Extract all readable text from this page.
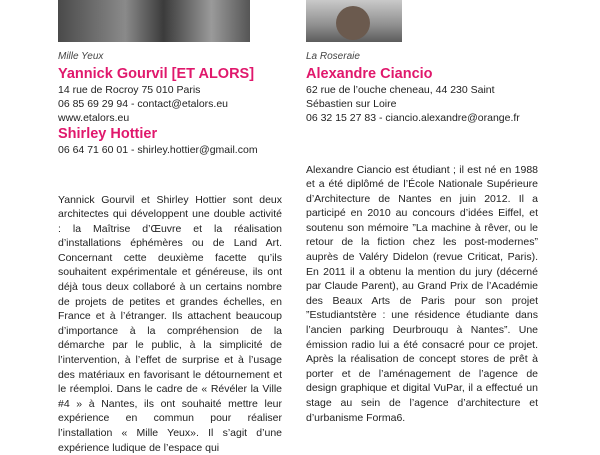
Mille Yeux

Yannick Gourvil [ET ALORS]

14 rue de Rocroy 75 010 Paris

06 85 69 29 94 - contact@etalors.eu

www.etalors.eu

Shirley Hottier

06 64 71 60 01 - shirley.hottier@gmail.com

La Roseraie

Alexandre Ciancio

62 rue de l’ouche cheneau, 44 230 Saint Sébastien sur Loire

06 32 15 27 83 - ciancio.alexandre@orange.fr

Yannick Gourvil et Shirley Hottier sont deux architectes qui développent une double activité : la Maîtrise d’Œuvre et la réalisation d’installations éphémères ou de Land Art. Concernant cette deuxième facette qu’ils souhaitent expérimentale et généreuse, ils ont déjà tous deux collaboré à un certains nombre de projets de petites et grandes échelles, en France et à l’étranger. Ils attachent beaucoup d’importance à la compréhension de la démarche par le public, à la simplicité de l’intervention, à l’effet de surprise et à l’usage des matériaux en favorisant le détournement et le réemploi. Dans le cadre de « Révéler la Ville #4 » à Nantes, ils ont souhaité mettre leur expérience en commun pour réaliser l’installation « Mille Yeux». Il s’agit d’une expérience ludique de l’espace qui

Alexandre Ciancio est étudiant ; il est né en 1988 et a été diplômé de l’École Nationale Supérieure d’Architecture de Nantes en juin 2012. Il a participé en 2010 au concours d’idées Eiffel, et soutenu son mémoire ”La machine à rêver, ou le retour de la fiction chez les post-modernes” auprès de Valéry Didelon (revue Criticat, Paris). En 2011 il a obtenu la mention du jury (décerné par Claude Parent), au Grand Prix de l’Académie des Beaux Arts de Paris pour son projet ”Estudiantstère : une résidence étudiante dans l’ancien parking Deurbrouqu à Nantes”. Une émission radio lui a été consacré pour ce projet. Après la réalisation de concept stores de prêt à porter et de l’aménagement de l’agence de design graphique et digital VuPar, il a effectué un stage au sein de l’agence d’architecture et d’urbanisme Forma6.
